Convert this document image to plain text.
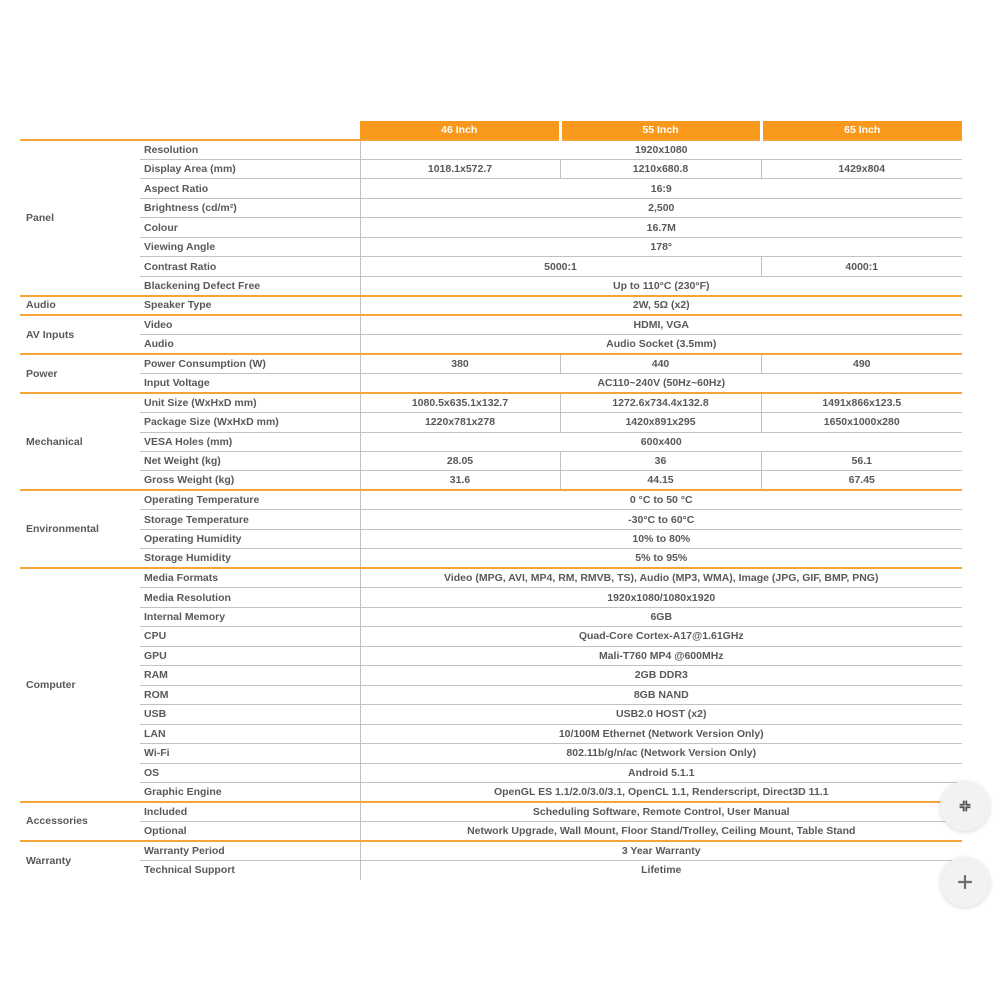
		46 Inch	55 Inch	65 Inch
Panel	Resolution	1920x1080		
	Display Area (mm)	1018.1x572.7	1210x680.8	1429x804
	Aspect Ratio	16:9		
	Brightness (cd/m²)	2,500		
	Colour	16.7M		
	Viewing Angle	178°		
	Contrast Ratio	5000:1		4000:1
	Blackening Defect Free	Up to 110°C (230°F)		
Audio	Speaker Type	2W, 5Ω (x2)		
AV Inputs	Video	HDMI, VGA		
	Audio	Audio Socket (3.5mm)		
Power	Power Consumption (W)	380	440	490
	Input Voltage	AC110~240V (50Hz~60Hz)		
Mechanical	Unit Size (WxHxD mm)	1080.5x635.1x132.7	1272.6x734.4x132.8	1491x866x123.5
	Package Size (WxHxD mm)	1220x781x278	1420x891x295	1650x1000x280
	VESA Holes (mm)	600x400		
	Net Weight (kg)	28.05	36	56.1
	Gross Weight (kg)	31.6	44.15	67.45
Environmental	Operating Temperature	0 °C to 50 °C		
	Storage Temperature	-30°C to 60°C		
	Operating Humidity	10% to 80%		
	Storage Humidity	5% to 95%		
Computer	Media Formats	Video (MPG, AVI, MP4, RM, RMVB, TS), Audio (MP3, WMA), Image (JPG, GIF, BMP, PNG)		
	Media Resolution	1920x1080/1080x1920		
	Internal Memory	6GB		
	CPU	Quad-Core Cortex-A17@1.61GHz		
	GPU	Mali-T760 MP4 @600MHz		
	RAM	2GB DDR3		
	ROM	8GB NAND		
	USB	USB2.0 HOST (x2)		
	LAN	10/100M Ethernet (Network Version Only)		
	Wi-Fi	802.11b/g/n/ac (Network Version Only)		
	OS	Android 5.1.1		
	Graphic Engine	OpenGL ES 1.1/2.0/3.0/3.1, OpenCL 1.1, Renderscript, Direct3D 11.1		
Accessories	Included	Scheduling Software, Remote Control, User Manual		
	Optional	Network Upgrade, Wall Mount, Floor Stand/Trolley, Ceiling Mount, Table Stand		
Warranty	Warranty Period	3 Year Warranty		
	Technical Support	Lifetime		
